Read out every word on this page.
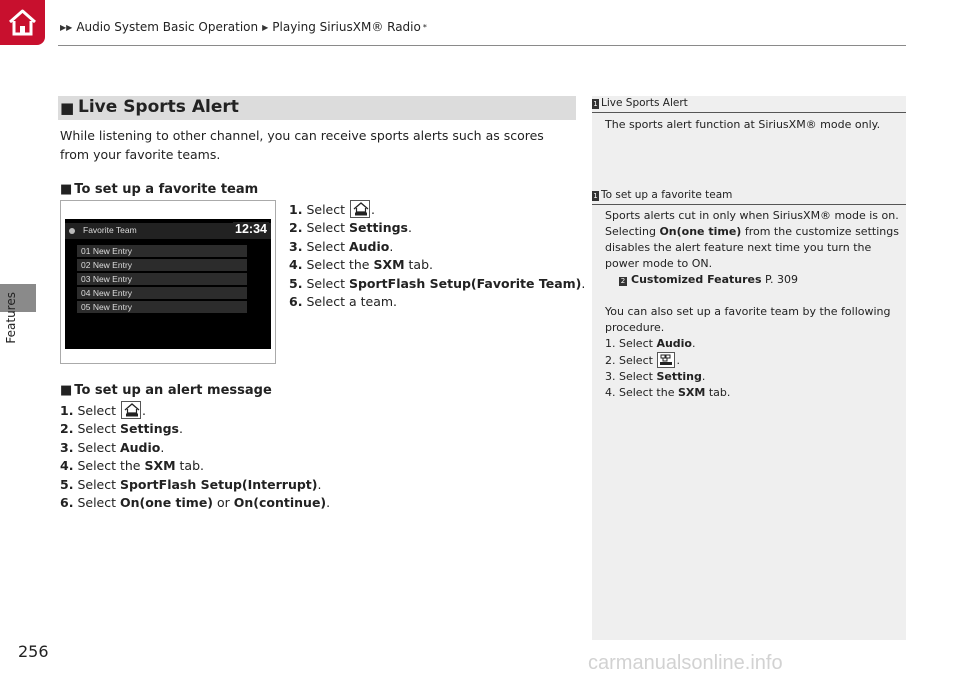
▶▶ Audio System Basic Operation ▶ Playing SiriusXM® Radio *
Features
256
carmanualsonline.info
■ Live Sports Alert
While listening to other channel, you can receive sports alerts such as scores from your favorite teams.
■ To set up a favorite team
Favorite Team	12:34
01 New Entry
02 New Entry
03 New Entry
04 New Entry
05 New Entry
1. Select
.
2. Select Settings.
3. Select Audio.
4. Select the SXM tab.
5. Select SportFlash Setup(Favorite Team).
6. Select a team.
■ To set up an alert message
1. Select
.
2. Select Settings.
3. Select Audio.
4. Select the SXM tab.
5. Select SportFlash Setup(Interrupt).
6. Select On(one time) or On(continue).
1 Live Sports Alert
The sports alert function at SiriusXM® mode only.
1 To set up a favorite team
Sports alerts cut in only when SiriusXM® mode is on.
Selecting On(one time) from the customize settings
disables the alert feature next time you turn the
power mode to ON.
2 Customized Features P. 309
You can also set up a favorite team by the following
procedure.
1. Select Audio.
2. Select
.
3. Select Setting.
4. Select the SXM tab.
